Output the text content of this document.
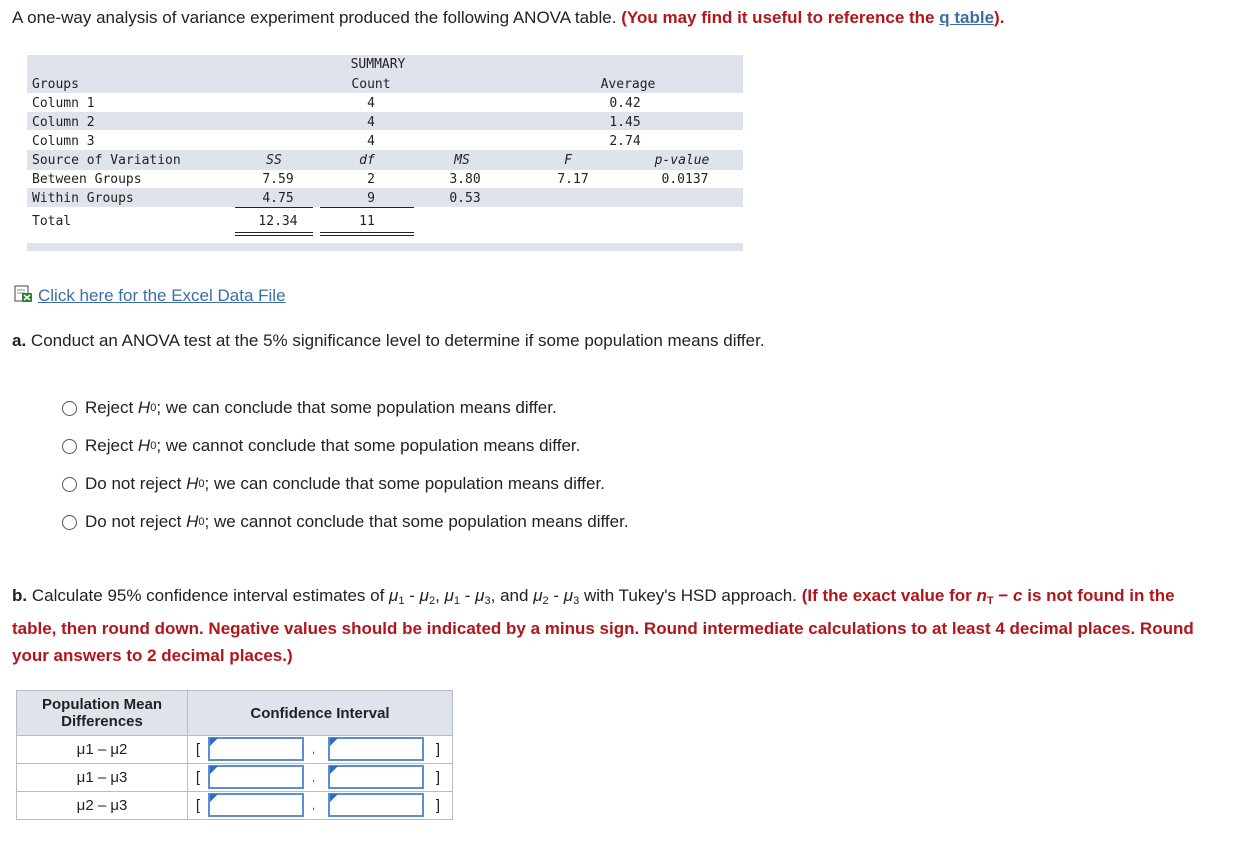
A one-way analysis of variance experiment produced the following ANOVA table. (You may find it useful to reference the q table).
SUMMARY
Groups	Count	Average
Column 1	4	0.42
Column 2	4	1.45
Column 3	4	2.74
Source of Variation	SS	df	MS	F	p-value
Between Groups	7.59	2	3.80	7.17	0.0137
Within Groups	4.75	9	0.53
Total	12.34	11
Click here for the Excel Data File
a. Conduct an ANOVA test at the 5% significance level to determine if some population means differ.
Reject
H 0 ; we can conclude that some population means differ.
Reject
H 0 ; we cannot conclude that some population means differ.
Do not reject
H 0 ; we can conclude that some population means differ.
Do not reject
H 0 ; we cannot conclude that some population means differ.
b. Calculate 95% confidence interval estimates of $\mu_1 - \mu_2$, $\mu_1 - \mu_3$, and $\mu_2 - \mu_3$ with Tukey's HSD approach. (If the exact value for $n_T - c$ is not found in the table, then round down. Negative values should be indicated by a minus sign. Round intermediate calculations to at least 4 decimal places. Round your answers to 2 decimal places.)
Population Mean Differences	Confidence Interval		
μ1 – μ2	[	,	]
μ1 – μ3	[	,	]
μ2 – μ3	[	,	]
